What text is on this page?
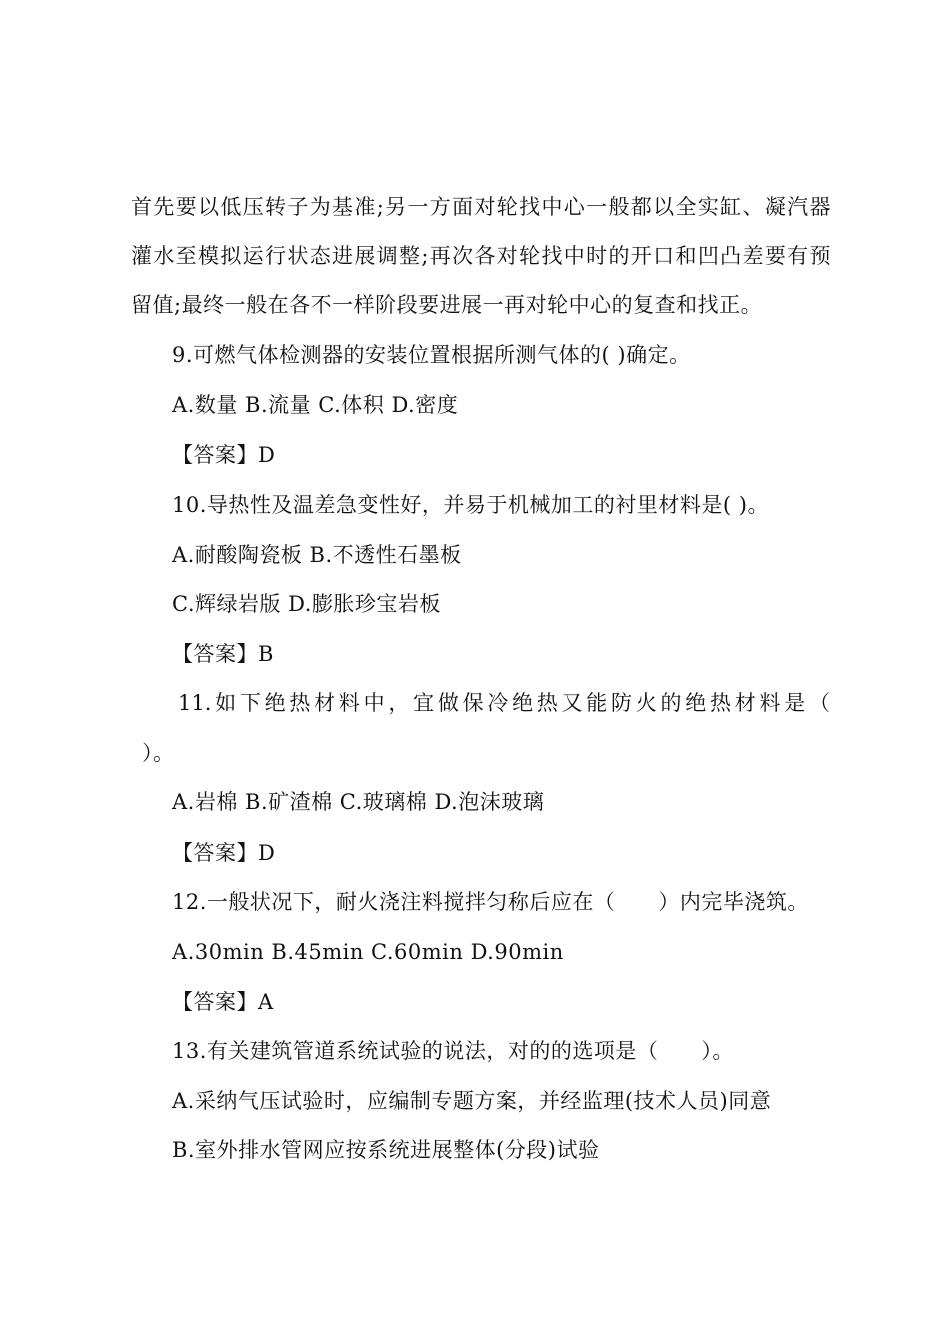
首先要以低压转子为基准;另一方面对轮找中心一般都以全实缸、凝汽器
灌水至模拟运行状态进展调整;再次各对轮找中时的开口和凹凸差要有预
留值;最终一般在各不一样阶段要进展一再对轮中心的复查和找正。
9.可燃气体检测器的安装位置根据所测气体的( )确定。
A.数量 B.流量 C.体积 D.密度
【答案】D
10.导热性及温差急变性好，并易于机械加工的衬里材料是( )。
A.耐酸陶瓷板 B.不透性石墨板
C.辉绿岩版 D.膨胀珍宝岩板
【答案】B
11.如下绝热材料中，宜做保冷绝热又能防火的绝热材料是（
）。
A.岩棉 B.矿渣棉 C.玻璃棉 D.泡沫玻璃
【答案】D
12.一般状况下，耐火浇注料搅拌匀称后应在（　　）内完毕浇筑。
A.30min B.45min C.60min D.90min
【答案】A
13.有关建筑管道系统试验的说法，对的的选项是（　　）。
A.采纳气压试验时，应编制专题方案，并经监理(技术人员)同意
B.室外排水管网应按系统进展整体(分段)试验
